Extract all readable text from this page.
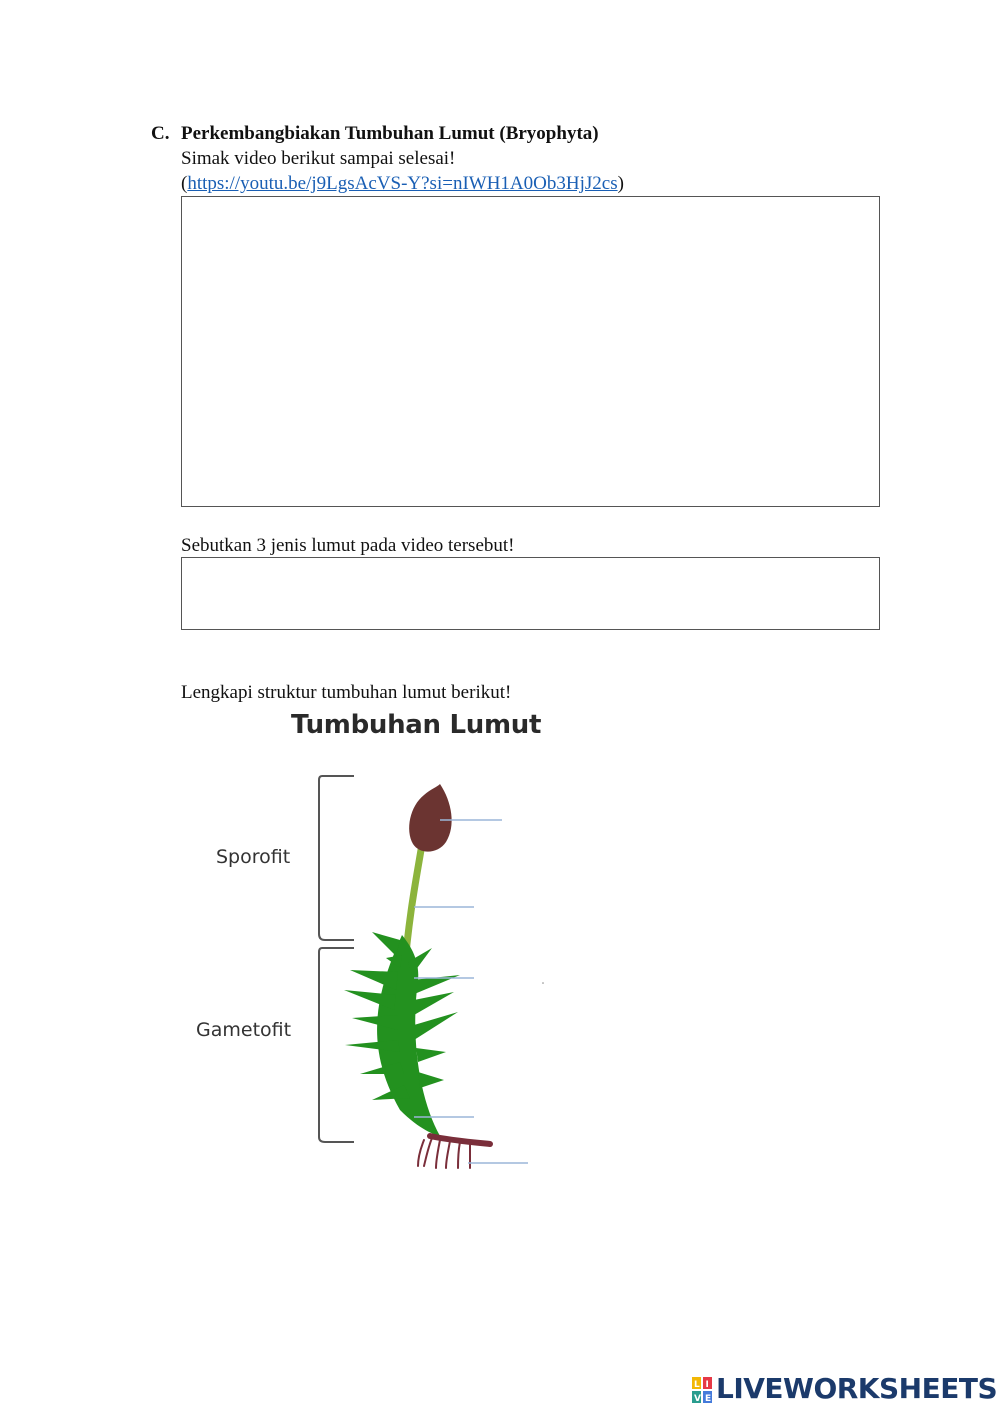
C. Perkembangbiakan Tumbuhan Lumut (Bryophyta)
Simak video berikut sampai selesai!
(https://youtu.be/j9LgsAcVS-Y?si=nIWH1A0Ob3HjJ2cs)
Sebutkan 3 jenis lumut pada video tersebut!
Lengkapi struktur tumbuhan lumut berikut!
Tumbuhan Lumut
Sporofit
Gametofit
L I
V E LIVEWORKSHEETS
